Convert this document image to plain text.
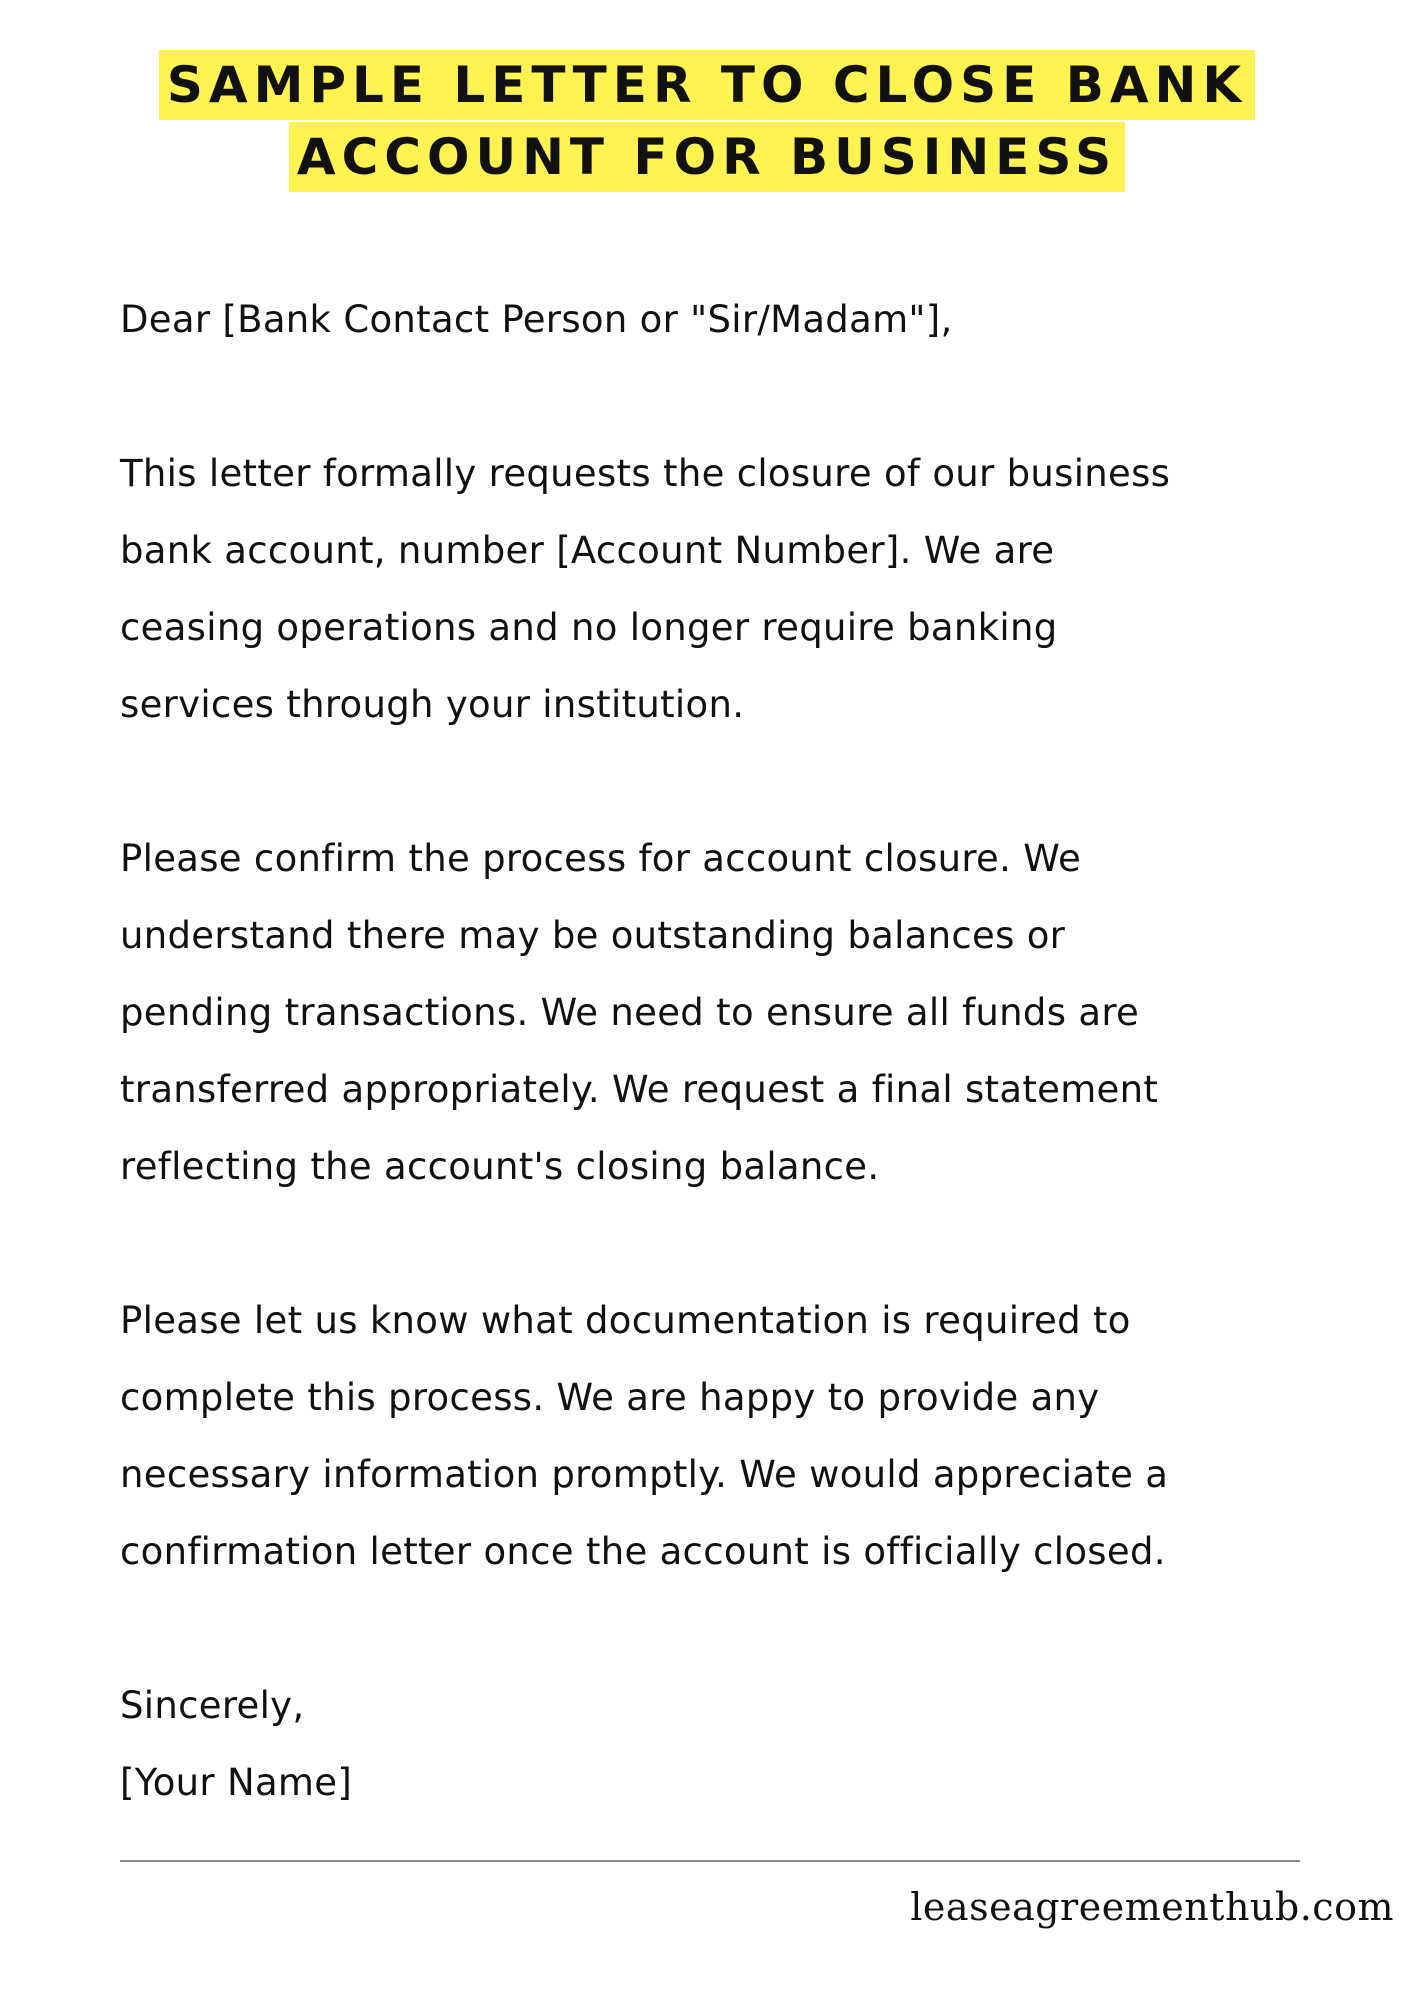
SAMPLE LETTER TO CLOSE BANK
ACCOUNT FOR BUSINESS

Dear [Bank Contact Person or "Sir/Madam"],

This letter formally requests the closure of our business
bank account, number [Account Number]. We are
ceasing operations and no longer require banking
services through your institution.

Please confirm the process for account closure. We
understand there may be outstanding balances or
pending transactions. We need to ensure all funds are
transferred appropriately. We request a final statement
reflecting the account's closing balance.

Please let us know what documentation is required to
complete this process. We are happy to provide any
necessary information promptly. We would appreciate a
confirmation letter once the account is officially closed.

Sincerely,
[Your Name]

leaseagreementhub.com
